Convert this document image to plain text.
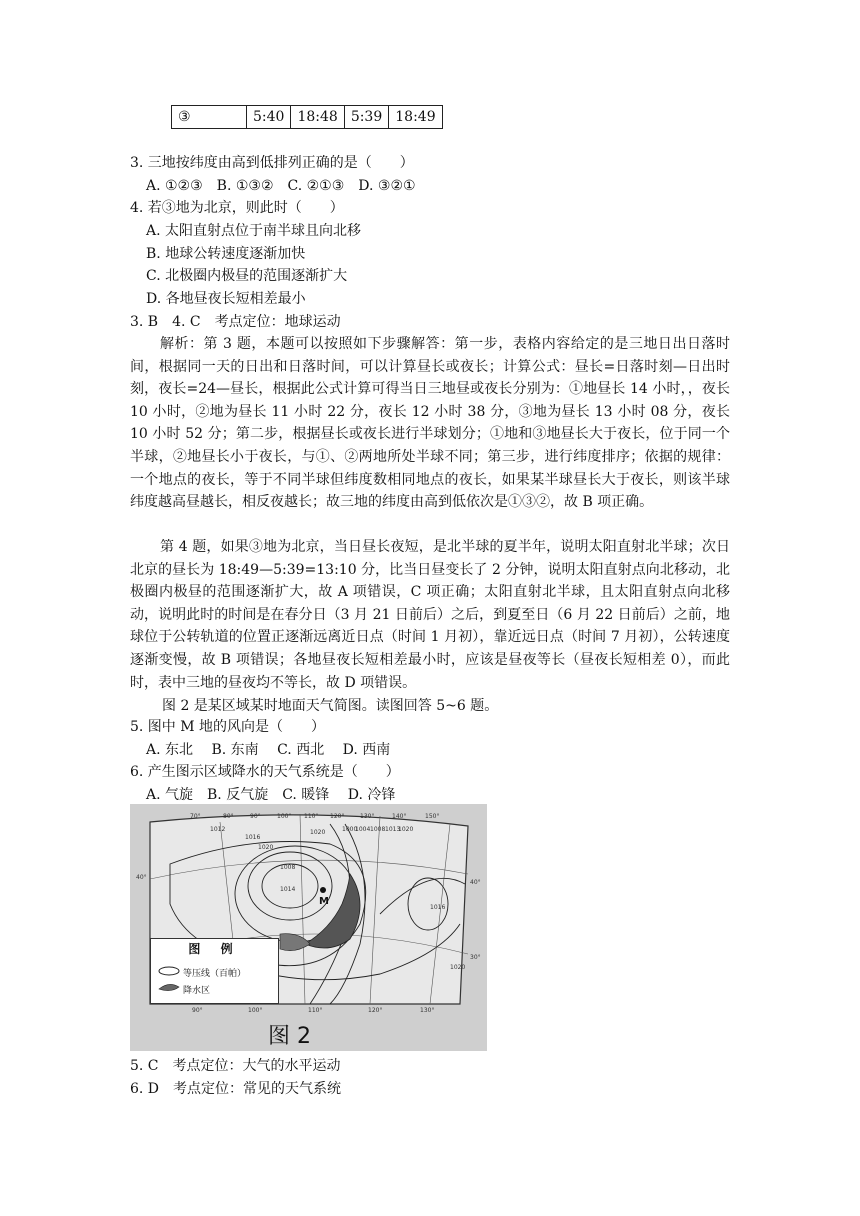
③	5:40	18:48	5:39	18:49
3. 三地按纬度由高到低排列正确的是（　　）
A. ①②③　B. ①③②　C. ②①③　D. ③②①
4. 若③地为北京，则此时（　　）
A. 太阳直射点位于南半球且向北移
B. 地球公转速度逐渐加快
C. 北极圈内极昼的范围逐渐扩大
D. 各地昼夜长短相差最小
3. B　4. C　考点定位：地球运动
解析：第 3 题，本题可以按照如下步骤解答：第一步，表格内容给定的是三地日出日落时间，根据同一天的日出和日落时间，可以计算昼长或夜长；计算公式：昼长=日落时刻—日出时刻，夜长=24—昼长，根据此公式计算可得当日三地昼或夜长分别为：①地昼长 14 小时，，夜长 10 小时，②地为昼长 11 小时 22 分，夜长 12 小时 38 分，③地为昼长 13 小时 08 分，夜长 10 小时 52 分；第二步，根据昼长或夜长进行半球划分；①地和③地昼长大于夜长，位于同一个半球，②地昼长小于夜长，与①、②两地所处半球不同；第三步，进行纬度排序；依据的规律：一个地点的夜长，等于不同半球但纬度数相同地点的夜长，如果某半球昼长大于夜长，则该半球纬度越高昼越长，相反夜越长；故三地的纬度由高到低依次是①③②，故 B 项正确。
第 4 题，如果③地为北京，当日昼长夜短，是北半球的夏半年，说明太阳直射北半球；次日北京的昼长为 18:49—5:39=13:10 分，比当日昼变长了 2 分钟，说明太阳直射点向北移动，北极圈内极昼的范围逐渐扩大，故 A 项错误，C 项正确；太阳直射北半球，且太阳直射点向北移动，说明此时的时间是在春分日（3 月 21 日前后）之后，到夏至日（6 月 22 日前后）之前，地球位于公转轨道的位置正逐渐远离近日点（时间 1 月初），靠近远日点（时间 7 月初），公转速度逐渐变慢，故 B 项错误；各地昼夜长短相差最小时，应该是昼夜等长（昼夜长短相差 0），而此时，表中三地的昼夜均不等长，故 D 项错误。
图 2 是某区域某时地面天气简图。读图回答 5~6 题。
5. 图中 M 地的风向是（　　）
A. 东北　 B. 东南　 C. 西北　 D. 西南
6. 产生图示区域降水的天气系统是（　　）
A. 气旋　B. 反气旋　C. 暖锋　 D. 冷锋
M
图 例
等压线（百帕）
降水区
图 2
70°	80°	90°	100° 110° 120°	130°	140°	150°
90°	100°	110°	120°	130°
40°
40°
30°
1012
1016
1020
1008
1000
1004 1008 1013
1020
1016
1014
1020
1020
5. C　考点定位：大气的水平运动
6. D　考点定位：常见的天气系统
